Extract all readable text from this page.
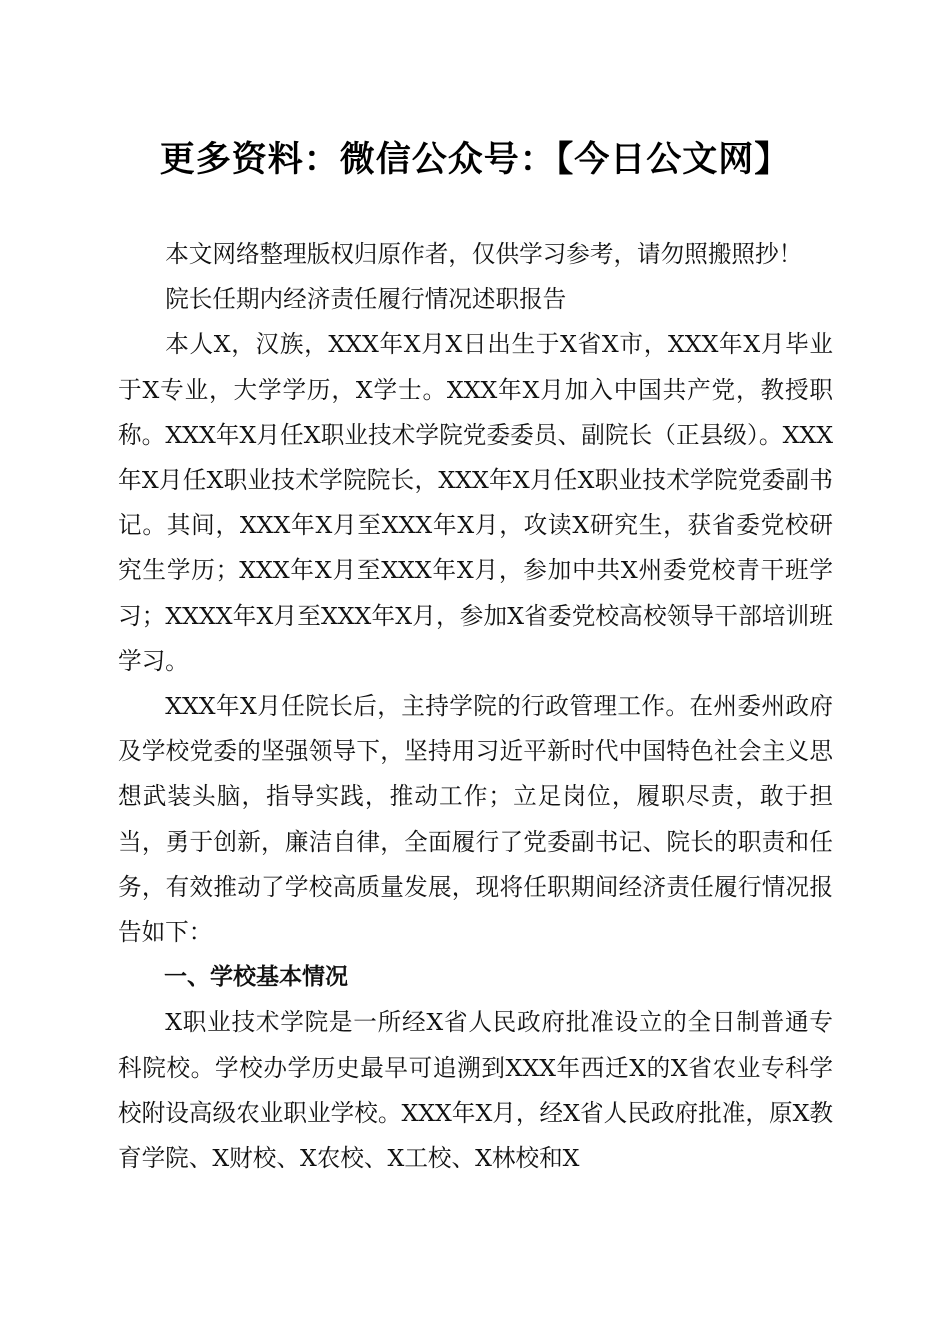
更多资料：微信公众号：【今日公文网】

本文网络整理版权归原作者，仅供学习参考，请勿照搬照抄！

院长任期内经济责任履行情况述职报告

本人X，汉族，XXX年X月X日出生于X省X市，XXX年X月毕业于X专业，大学学历，X学士。XXX年X月加入中国共产党，教授职称。XXX年X月任X职业技术学院党委委员、副院长（正县级）。XXX年X月任X职业技术学院院长，XXX年X月任X职业技术学院党委副书记。其间，XXX年X月至XXX年X月，攻读X研究生，获省委党校研究生学历；XXX年X月至XXX年X月，参加中共X州委党校青干班学习；XXXX年X月至XXX年X月，参加X省委党校高校领导干部培训班学习。

XXX年X月任院长后，主持学院的行政管理工作。在州委州政府及学校党委的坚强领导下，坚持用习近平新时代中国特色社会主义思想武装头脑，指导实践，推动工作；立足岗位，履职尽责，敢于担当，勇于创新，廉洁自律，全面履行了党委副书记、院长的职责和任务，有效推动了学校高质量发展，现将任职期间经济责任履行情况报告如下：

一、学校基本情况

X职业技术学院是一所经X省人民政府批准设立的全日制普通专科院校。学校办学历史最早可追溯到XXX年西迁X的X省农业专科学校附设高级农业职业学校。XXX年X月，经X省人民政府批准，原X教育学院、X财校、X农校、X工校、X林校和X
